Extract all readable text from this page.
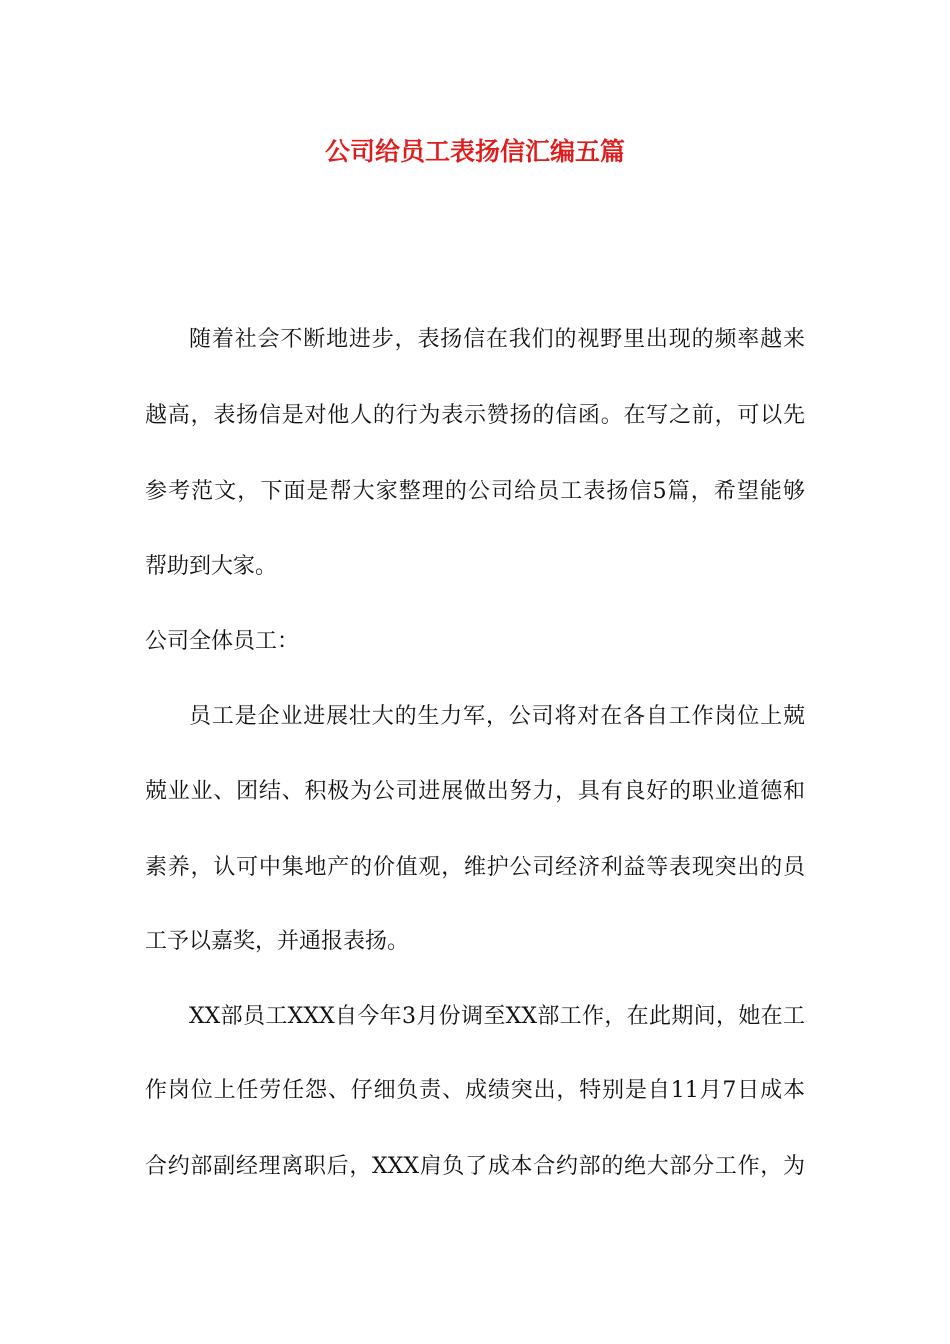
公司给员工表扬信汇编五篇
随着社会不断地进步，表扬信在我们的视野里出现的频率越来
越高，表扬信是对他人的行为表示赞扬的信函。在写之前，可以先
参考范文，下面是帮大家整理的公司给员工表扬信5篇，希望能够
帮助到大家。
公司全体员工：
员工是企业进展壮大的生力军，公司将对在各自工作岗位上兢
兢业业、团结、积极为公司进展做出努力，具有良好的职业道德和
素养，认可中集地产的价值观，维护公司经济利益等表现突出的员
工予以嘉奖，并通报表扬。
XX部员工XXX自今年3月份调至XX部工作，在此期间，她在工
作岗位上任劳任怨、仔细负责、成绩突出，特别是自11月7日成本
合约部副经理离职后，XXX肩负了成本合约部的绝大部分工作，为
